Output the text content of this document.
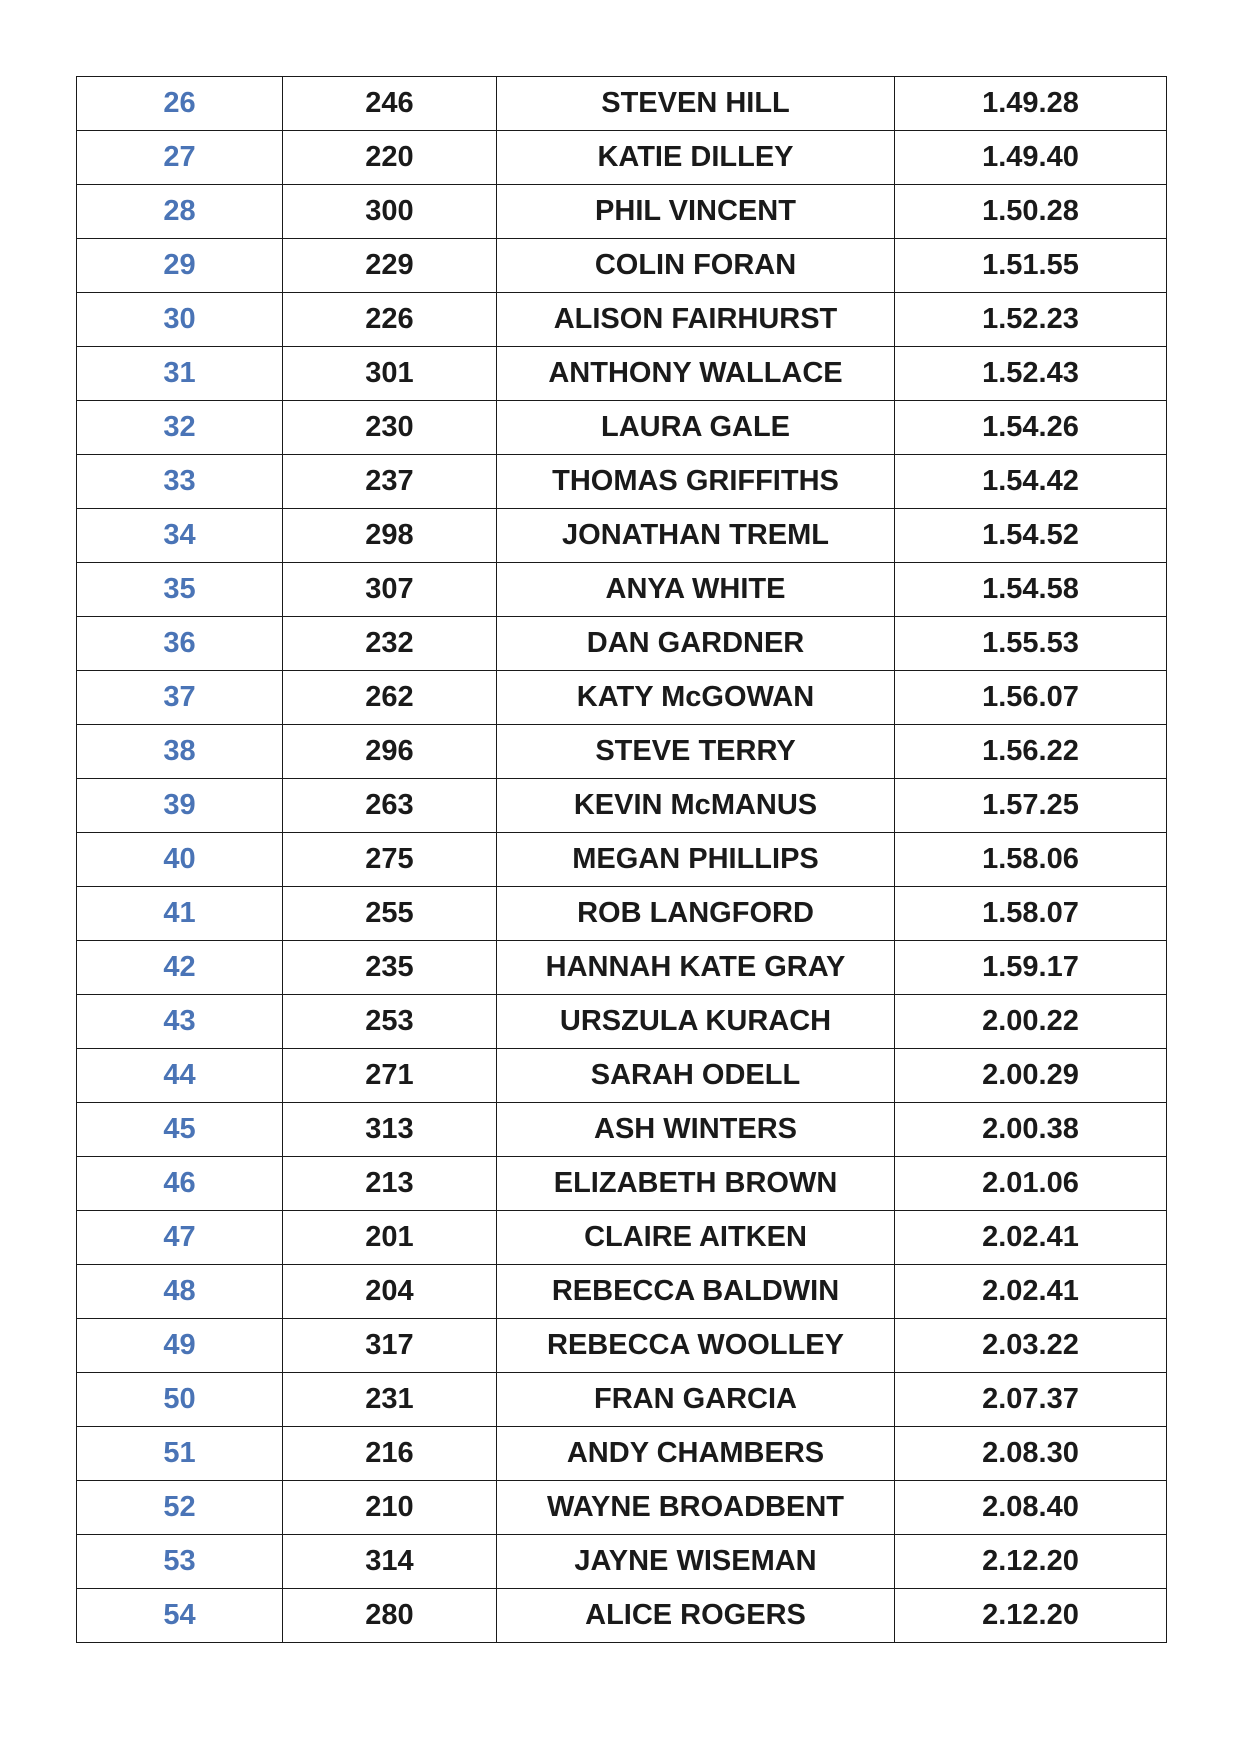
26	246	STEVEN HILL	1.49.28
27	220	KATIE DILLEY	1.49.40
28	300	PHIL VINCENT	1.50.28
29	229	COLIN FORAN	1.51.55
30	226	ALISON FAIRHURST	1.52.23
31	301	ANTHONY WALLACE	1.52.43
32	230	LAURA GALE	1.54.26
33	237	THOMAS GRIFFITHS	1.54.42
34	298	JONATHAN TREML	1.54.52
35	307	ANYA WHITE	1.54.58
36	232	DAN GARDNER	1.55.53
37	262	KATY McGOWAN	1.56.07
38	296	STEVE TERRY	1.56.22
39	263	KEVIN McMANUS	1.57.25
40	275	MEGAN PHILLIPS	1.58.06
41	255	ROB LANGFORD	1.58.07
42	235	HANNAH KATE GRAY	1.59.17
43	253	URSZULA KURACH	2.00.22
44	271	SARAH ODELL	2.00.29
45	313	ASH WINTERS	2.00.38
46	213	ELIZABETH BROWN	2.01.06
47	201	CLAIRE AITKEN	2.02.41
48	204	REBECCA BALDWIN	2.02.41
49	317	REBECCA WOOLLEY	2.03.22
50	231	FRAN GARCIA	2.07.37
51	216	ANDY CHAMBERS	2.08.30
52	210	WAYNE BROADBENT	2.08.40
53	314	JAYNE WISEMAN	2.12.20
54	280	ALICE ROGERS	2.12.20
